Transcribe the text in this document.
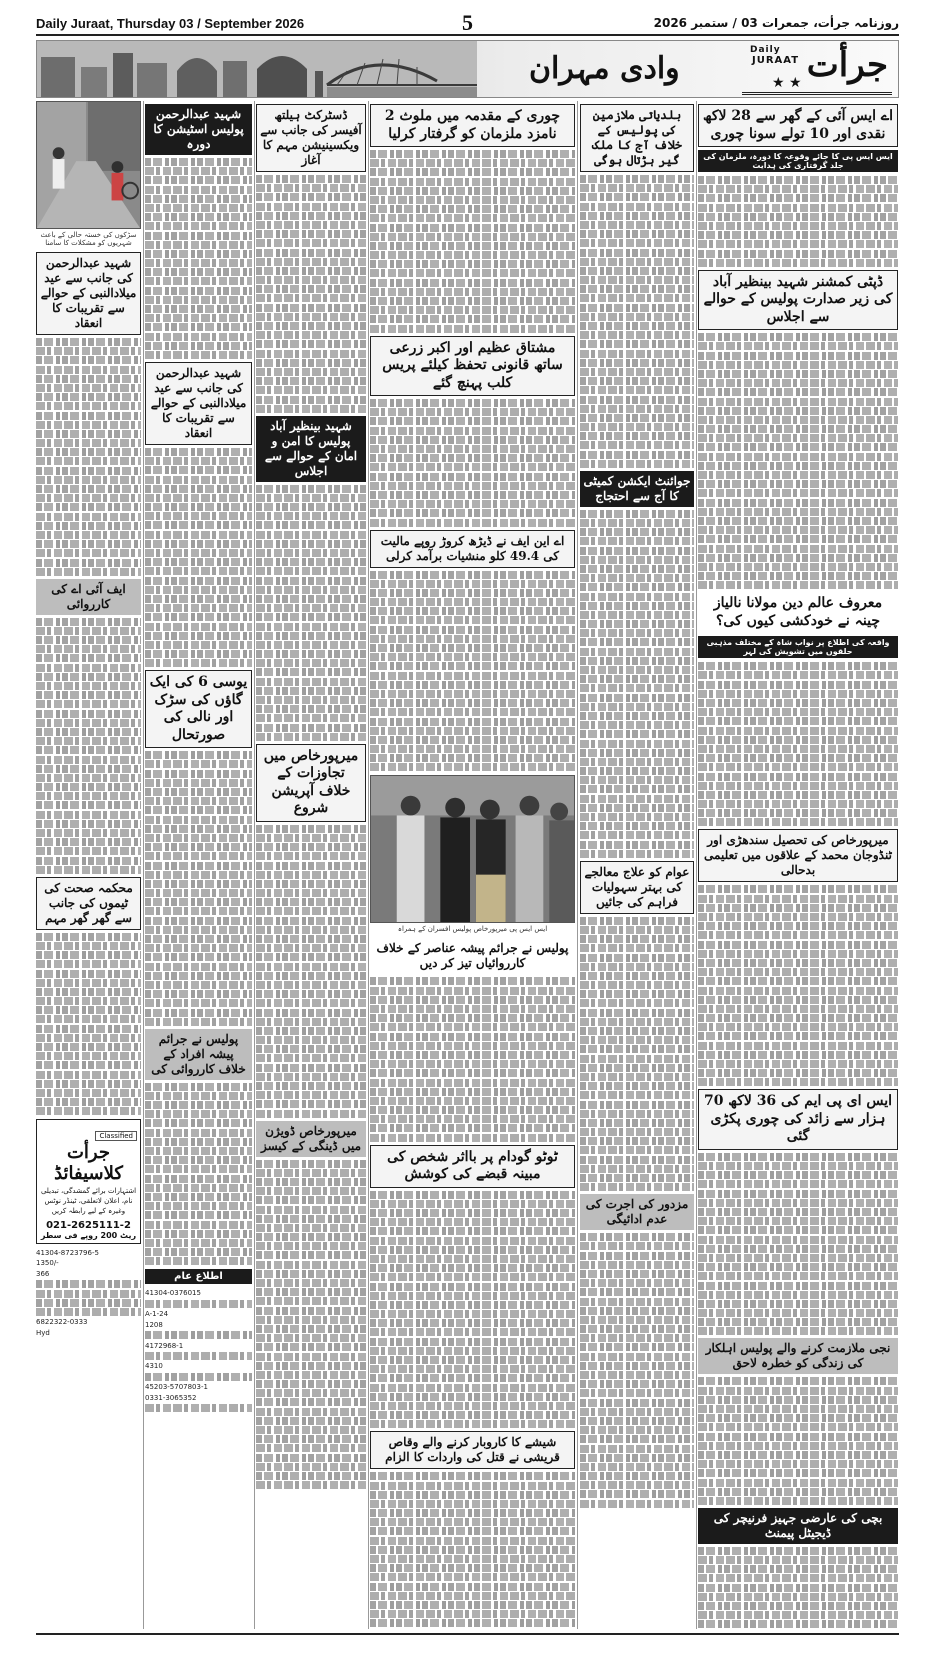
Daily Juraat, Thursday 03 / September 2026	5	روزنامہ جرأت، جمعرات 03 / ستمبر 2026
وادی مہران
Daily
JURAAT
★ ★ جرأت
اے ایس آئی کے گھر سے 28 لاکھ نقدی اور 10 تولے سونا چوری
ایس ایس پی کا جائے وقوعہ کا دورہ، ملزمان کی جلد گرفتاری کی ہدایت
ڈپٹی کمشنر شہید بینظیر آباد کی زیر صدارت پولیس کے حوالے سے اجلاس
معروف عالم دین مولانا نالیاز چینہ نے خودکشی کیوں کی؟
واقعہ کی اطلاع پر نواب شاہ کے مختلف مذہبی حلقوں میں تشویش کی لہر
میرپورخاص کی تحصیل سندھڑی اور ٹنڈوجان محمد کے علاقوں میں تعلیمی بدحالی
ایس ای پی ایم کی 36 لاکھ 70 ہزار سے زائد کی چوری پکڑی گئی
نجی ملازمت کرنے والے پولیس اہلکار کی زندگی کو خطرہ لاحق
بچی کی عارضی جہیز فرنیچر کی ڈیجیٹل پیمنٹ
بلدیاتی ملازمین کی پولیس کے خلاف آج کا ملک گیر ہڑتال ہوگی
جوائنٹ ایکشن کمیٹی کا آج سے احتجاج
عوام کو علاج معالجے کی بہتر سہولیات فراہم کی جائیں
مزدور کی اجرت کی عدم ادائیگی
چوری کے مقدمہ میں ملوث 2 نامزد ملزمان کو گرفتار کرلیا
مشتاق عظیم اور اکبر زرعی ساتھ قانونی تحفظ کیلئے پریس کلب پہنچ گئے
اے این ایف نے ڈیڑھ کروڑ روپے مالیت کی 49.4 کلو منشیات برآمد کرلی
ایس ایس پی میرپورخاص پولیس افسران کے ہمراہ
پولیس نے جرائم پیشہ عناصر کے خلاف کارروائیاں تیز کر دیں
ٹوٹو گودام پر بااثر شخص کی مبینہ قبضے کی کوشش
شیشے کا کاروبار کرنے والے وقاص قریشی نے قتل کی واردات کا الزام
ڈسٹرکٹ ہیلتھ آفیسر کی جانب سے ویکسینیشن مہم کا آغاز
شہید بینظیر آباد پولیس کا امن و امان کے حوالے سے اجلاس
میرپورخاص میں تجاوزات کے خلاف آپریشن شروع
میرپورخاص ڈویژن میں ڈینگی کے کیسز
شہید عبدالرحمن پولیس اسٹیشن کا دورہ
شہید عبدالرحمن کی جانب سے عید میلادالنبی کے حوالے سے تقریبات کا انعقاد
یوسی 6 کی ایک گاؤں کی سڑک اور نالی کی صورتحال
پولیس نے جرائم پیشہ افراد کے خلاف کارروائی کی
اطلاع عام
41304-0376015
A-1-24
1208
4172968-1
4310
45203-5707803-1
0331-3065352
سڑکوں کی خستہ حالی کے باعث شہریوں کو مشکلات کا سامنا
شہید عبدالرحمن کی جانب سے عید میلادالنبی کے حوالے سے تقریبات کا انعقاد
ایف آئی اے کی کارروائی
محکمہ صحت کی ٹیموں کی جانب سے گھر گھر مہم
Classified
جرأت کلاسیفائڈ
اشتہارات برائے گمشدگی، تبدیلی نام، اعلان لاتعلقی، ٹینڈر نوٹس وغیرہ کے لیے رابطہ کریں
021-2625111-2
ریٹ 200 روپے فی سطر
41304-8723796-5
1350/-
366
6822322-0333
Hyd
